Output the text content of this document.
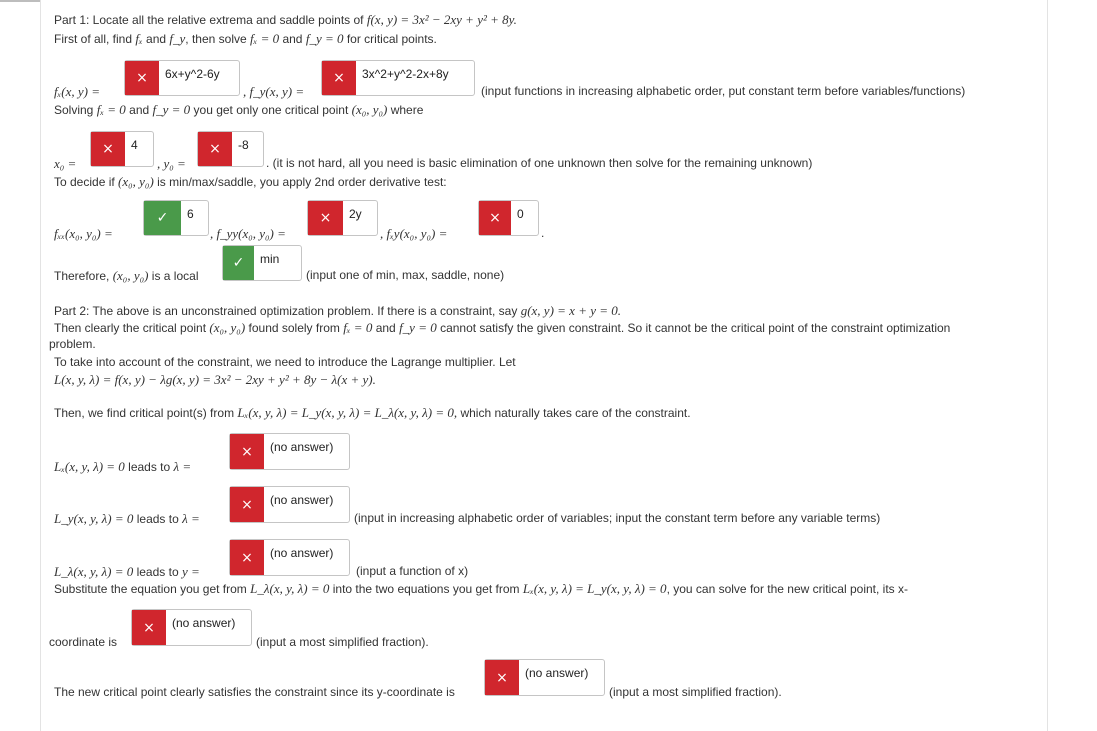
Part 1: Locate all the relative extrema and saddle points of f(x, y) = 3x² − 2xy + y² + 8y.
First of all, find fₓ and f_y, then solve fₓ = 0 and f_y = 0 for critical points.
fₓ(x, y) =
×	6x+y^2-6y
, f_y(x, y) =
×	3x^2+y^2-2x+8y
(input functions in increasing alphabetic order, put constant term before variables/functions)
Solving fₓ = 0 and f_y = 0 you get only one critical point (x₀, y₀) where
x₀ =
×	4
, y₀ =
×	-8
. (it is not hard, all you need is basic elimination of one unknown then solve for the remaining unknown)
To decide if (x₀, y₀) is min/max/saddle, you apply 2nd order derivative test:
fₓₓ(x₀, y₀) =
✓	6
, f_yy(x₀, y₀) =
×	2y
, fₓy(x₀, y₀) =
×	0
.
Therefore, (x₀, y₀) is a local
✓	min
(input one of min, max, saddle, none)
Part 2: The above is an unconstrained optimization problem. If there is a constraint, say g(x, y) = x + y = 0.
Then clearly the critical point (x₀, y₀) found solely from fₓ = 0 and f_y = 0 cannot satisfy the given constraint. So it cannot be the critical point of the constraint optimization
problem.
To take into account of the constraint, we need to introduce the Lagrange multiplier. Let
L(x, y, λ) = f(x, y) − λg(x, y) = 3x² − 2xy + y² + 8y − λ(x + y).
Then, we find critical point(s) from Lₓ(x, y, λ) = L_y(x, y, λ) = L_λ(x, y, λ) = 0, which naturally takes care of the constraint.
Lₓ(x, y, λ) = 0 leads to λ =
×	(no answer)
L_y(x, y, λ) = 0 leads to λ =
×	(no answer)
(input in increasing alphabetic order of variables; input the constant term before any variable terms)
L_λ(x, y, λ) = 0 leads to y =
×	(no answer)
(input a function of x)
Substitute the equation you get from L_λ(x, y, λ) = 0 into the two equations you get from Lₓ(x, y, λ) = L_y(x, y, λ) = 0, you can solve for the new critical point, its x-
coordinate is
×	(no answer)
(input a most simplified fraction).
The new critical point clearly satisfies the constraint since its y-coordinate is
×	(no answer)
(input a most simplified fraction).
